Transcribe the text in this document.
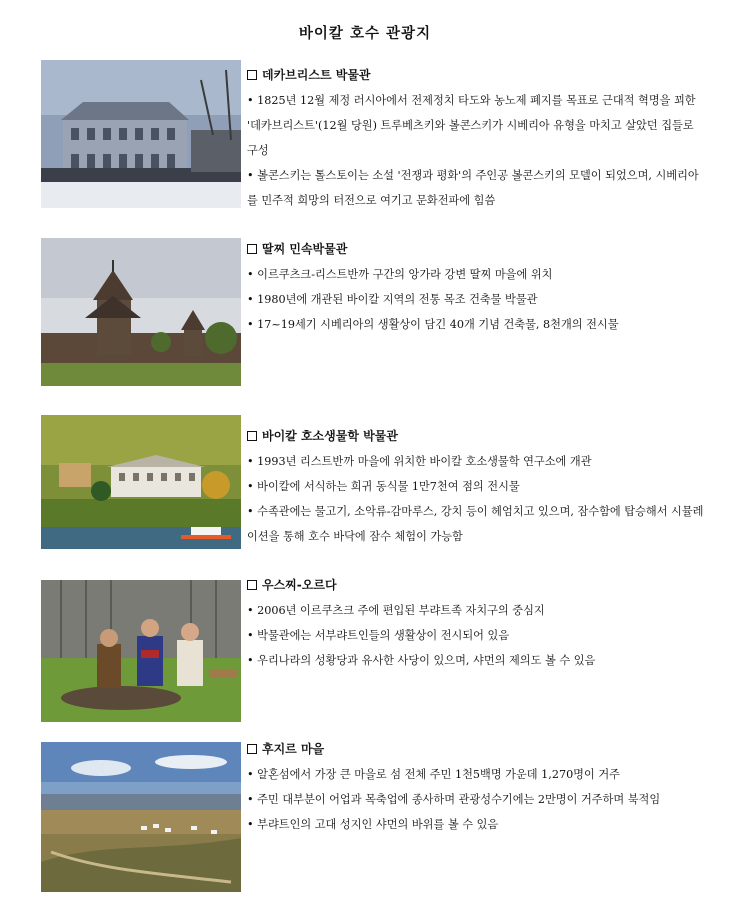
바이칼 호수 관광지
데카브리스트 박물관
• 1825년 12월 제정 러시아에서 전제정치 타도와 농노제 폐지를 목표로 근대적 혁명을 꾀한 '데카브리스트'(12월 당원) 트루베츠키와 볼콘스키가 시베리아 유형을 마치고 살았던 집들로 구성
• 볼콘스키는 톨스토이는 소설 '전쟁과 평화'의 주인공 볼콘스키의 모델이 되었으며, 시베리아를 민주적 희망의 터전으로 여기고 문화전파에 힘씀
딸찌 민속박물관
• 이르쿠츠크-리스트반까 구간의 앙가라 강변 딸찌 마을에 위치
• 1980년에 개관된 바이칼 지역의 전통 목조 건축물 박물관
• 17~19세기 시베리아의 생활상이 담긴 40개 기념 건축물, 8천개의 전시물
바이칼 호소생물학 박물관
• 1993년 리스트반까 마을에 위치한 바이칼 호소생물학 연구소에 개관
• 바이칼에 서식하는 희귀 동식물 1만7천여 점의 전시물
• 수족관에는 물고기, 소악류-감마루스, 강치 등이 헤엄치고 있으며, 잠수함에 탑승해서 시뮬레이션을 통해 호수 바닥에 잠수 체험이 가능함
우스찌-오르다
• 2006년 이르쿠츠크 주에 편입된 부랴트족 자치구의 중심지
• 박물관에는 서부랴트인들의 생활상이 전시되어 있음
• 우리나라의 성황당과 유사한 사당이 있으며, 샤먼의 제의도 볼 수 있음
후지르 마을
• 알혼섬에서 가장 큰 마을로 섬 전체 주민 1천5백명 가운데 1,270명이 거주
• 주민 대부분이 어업과 목축업에 종사하며 관광성수기에는 2만명이 거주하며 북적임
• 부랴트인의 고대 성지인 샤먼의 바위를 볼 수 있음
